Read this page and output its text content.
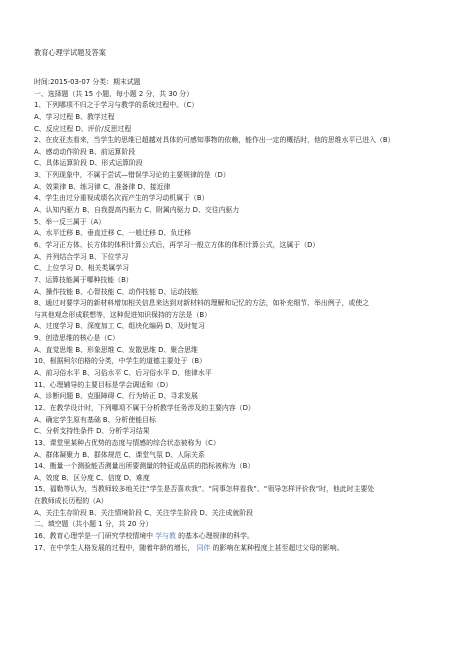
教育心理学试题及答案
时间:2015-03-07 分类：期末试题
一、选择题（共 15 小题，每小题 2 分，共 30 分）
1、下列哪项不归之于学习与教学的系统过程中。（C）
A、学习过程 B、教学过程
C、反应过程 D、评价/反思过程
2、在皮亚杰看来，当学生的思维已超越对具体的可感知事物的依赖，能作出一定的概括时，他的思维水平已进入（B）
A、感动动作阶段 B、前运算阶段
C、具体运算阶段 D、形式运算阶段
3、下列现象中，不属于尝试—错误学习论的主要规律的是（D）
A、效果律 B、练习律 C、准备律 D、接近律
4、学生由过分重视成绩名次而产生的学习动机属于（B）
A、认知内驱力 B、自我提高内驱力 C、附属内驱力 D、交往内驱力
5、举一反三属于（A）
A、水平迁移 B、垂直迁移 C、一般迁移 D、负迁移
6、学习正方体、长方体的体积计算公式后，再学习一般立方体的体积计算公式，这属于（D）
A、并列结合学习 B、下位学习
C、上位学习 D、相关类属学习
7、运算技能属于哪种技能（B）
A、操作技能 B、心智技能 C、动作技能 D、运动技能
8、通过对要学习的新材料增加相关信息来达到对新材料的理解和记忆的方法，如补充细节、举出例子，或使之
与其他观念形成联想等，这种促进知识保持的方法是（B）
A、过度学习 B、深度加工 C、组块化编码 D、及时复习
9、创造思维的核心是（C）
A、直觉思维 B、形象思维 C、发散思维 D、聚合思维
10、根据柯尔伯格的分类，中学生的道德主要处于（B）
A、前习俗水平 B、习俗水平 C、后习俗水平 D、他律水平
11、心理辅导的主要目标是学会调适和（D）
A、诊断问题 B、克服障碍 C、行为矫正 D、寻求发展
12、在教学设计时，下列哪项不属于分析教学任务涉及的主要内容（D）
A、确定学生原有基础 B、分析使能目标
C、分析支持性条件 D、分析学习结果
13、课堂里某种占优势的态度与情感的综合状态被称为（C）
A、群体凝聚力 B、群体规范 C、课堂气氛 D、人际关系
14、衡量一个测验能否测量出所要测量的特征或品质的指标被称为（B）
A、效度 B、区分度 C、信度 D、难度
15、福勒等认为，当教师较多地关注“学生是否喜欢我”、“同事怎样看我”、“领导怎样评价我”时，他此时主要处
在教师成长历程的（A）
A、关注生存阶段 B、关注情境阶段 C、关注学生阶段 D、关注成就阶段
二、填空题（共小题 1 分，共 20 分）
16、教育心理学是一门研究学校情境中 学与教 的基本心理规律的科学。
17、在中学生人格发展的过程中，随着年龄的增长， 同伴 的影响在某种程度上甚至超过父母的影响。
